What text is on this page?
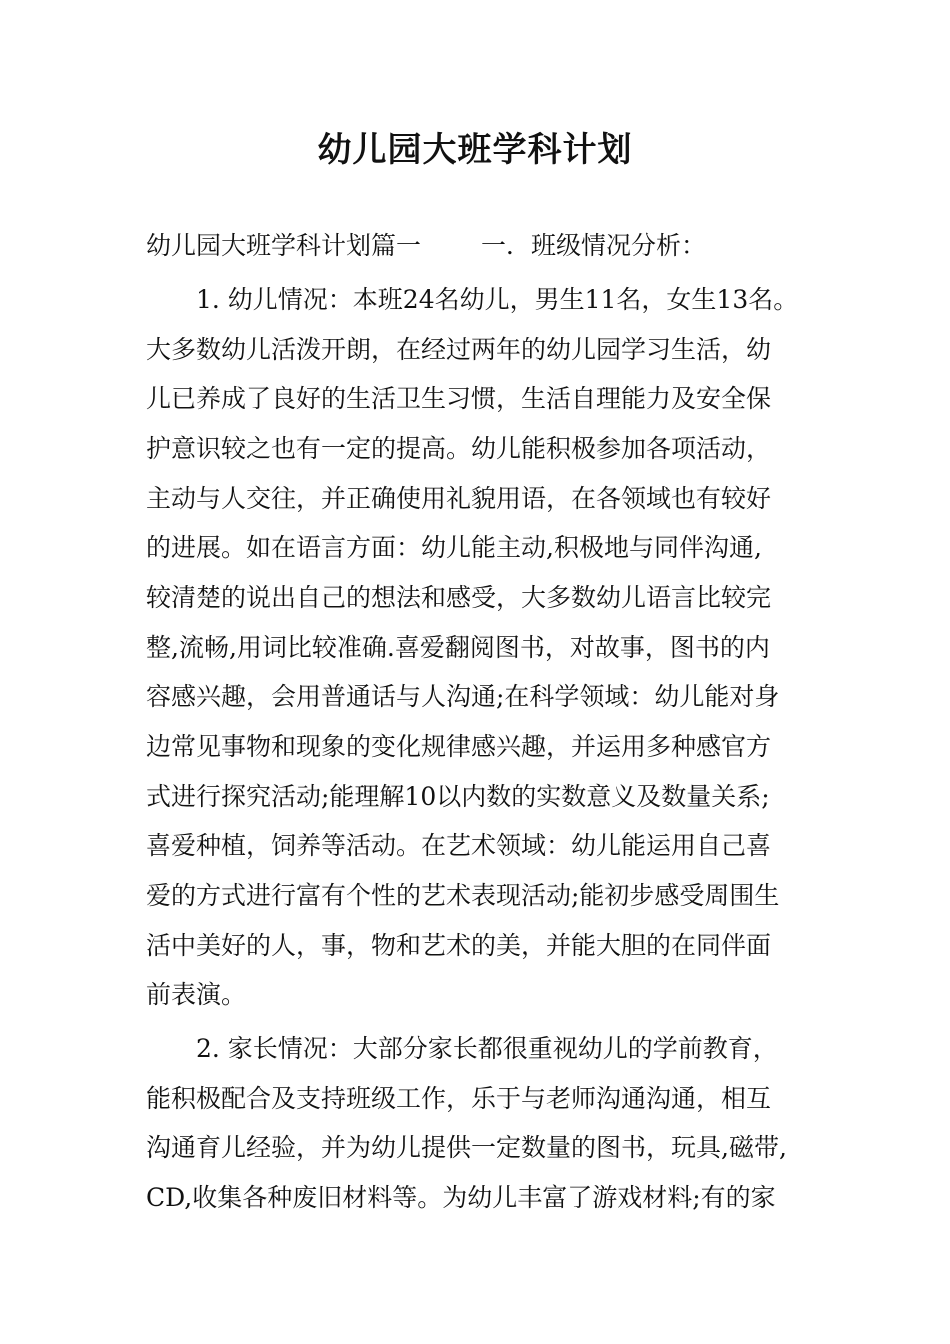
幼儿园大班学科计划
幼儿园大班学科计划篇一 一．班级情况分析：
1. 幼儿情况：本班24名幼儿，男生11名，女生13名。
大多数幼儿活泼开朗，在经过两年的幼儿园学习生活，幼
儿已养成了良好的生活卫生习惯，生活自理能力及安全保
护意识较之也有一定的提高。幼儿能积极参加各项活动，
主动与人交往，并正确使用礼貌用语，在各领域也有较好
的进展。如在语言方面：幼儿能主动,积极地与同伴沟通,
较清楚的说出自己的想法和感受，大多数幼儿语言比较完
整,流畅,用词比较准确.喜爱翻阅图书，对故事，图书的内
容感兴趣，会用普通话与人沟通;在科学领域：幼儿能对身
边常见事物和现象的变化规律感兴趣，并运用多种感官方
式进行探究活动;能理解10以内数的实数意义及数量关系;
喜爱种植，饲养等活动。在艺术领域：幼儿能运用自己喜
爱的方式进行富有个性的艺术表现活动;能初步感受周围生
活中美好的人，事，物和艺术的美，并能大胆的在同伴面
前表演。
2. 家长情况：大部分家长都很重视幼儿的学前教育，
能积极配合及支持班级工作，乐于与老师沟通沟通，相互
沟通育儿经验，并为幼儿提供一定数量的图书，玩具,磁带,
CD,收集各种废旧材料等。为幼儿丰富了游戏材料;有的家
